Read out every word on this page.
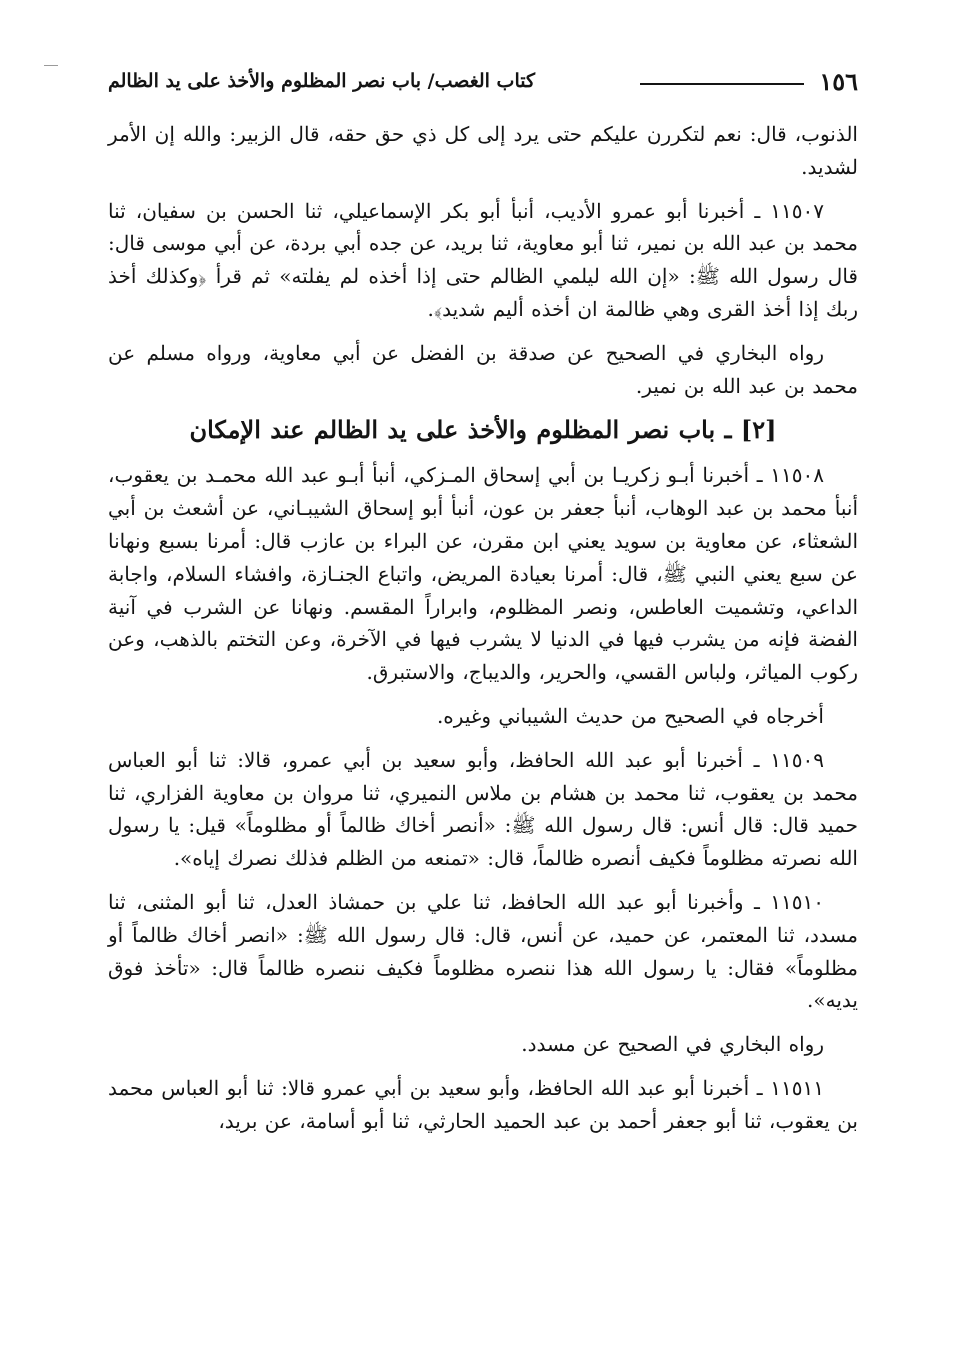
١٥٦
كتاب الغصب/ باب نصر المظلوم والأخذ على يد الظالم

الذنوب، قال: نعم لتكررن عليكم حتى يرد إلى كل ذي حق حقه، قال الزبير: والله إن الأمر لشديد.

١١٥٠٧ ـ أخبرنا أبو عمرو الأديب، أنبأ أبو بكر الإسماعيلي، ثنا الحسن بن سفيان، ثنا محمد بن عبد الله بن نمير، ثنا أبو معاوية، ثنا بريد، عن جده أبي بردة، عن أبي موسى قال: قال رسول الله ﷺ: «إن الله ليلمي الظالم حتى إذا أخذه لم يفلته» ثم قرأ ﴿وكذلك أخذ ربك إذا أخذ القرى وهي ظالمة ان أخذه أليم شديد﴾.

رواه البخاري في الصحيح عن صدقة بن الفضل عن أبي معاوية، ورواه مسلم عن محمد بن عبد الله بن نمير.

[٢] ـ باب نصر المظلوم والأخذ على يد الظالم عند الإمكان

١١٥٠٨ ـ أخبرنا أبـو زكريـا بن أبي إسحاق المـزكي، أنبأ أبـو عبد الله محمـد بن يعقوب، أنبأ محمد بن عبد الوهاب، أنبأ جعفر بن عون، أنبأ أبو إسحاق الشيبـاني، عن أشعث بن أبي الشعثاء، عن معاوية بن سويد يعني ابن مقرن، عن البراء بن عازب قال: أمرنا بسبع ونهانا عن سبع يعني النبي ﷺ، قال: أمرنا بعيادة المريض، واتباع الجنـازة، وافشاء السلام، واجابة الداعي، وتشميت العاطس، ونصر المظلوم، وابراراً المقسم. ونهانا عن الشرب في آنية الفضة فإنه من يشرب فيها في الدنيا لا يشرب فيها في الآخرة، وعن التختم بالذهب، وعن ركوب المياثر، ولباس القسي، والحرير، والديباج، والاستبرق.

أخرجاه في الصحيح من حديث الشيباني وغيره.

١١٥٠٩ ـ أخبرنا أبو عبد الله الحافظ، وأبو سعيد بن أبي عمرو، قالا: ثنا أبو العباس محمد بن يعقوب، ثنا محمد بن هشام بن ملاس النميري، ثنا مروان بن معاوية الفزاري، ثنا حميد قال: قال أنس: قال رسول الله ﷺ: «أنصر أخاك ظالماً أو مظلوماً» قيل: يا رسول الله نصرته مظلوماً فكيف أنصره ظالماً، قال: «تمنعه من الظلم فذلك نصرك إياه».

١١٥١٠ ـ وأخبرنا أبو عبد الله الحافظ، ثنا علي بن حمشاذ العدل، ثنا أبو المثنى، ثنا مسدد، ثنا المعتمر، عن حميد، عن أنس، قال: قال رسول الله ﷺ: «انصر أخاك ظالماً أو مظلوماً» فقال: يا رسول الله هذا ننصره مظلوماً فكيف ننصره ظالماً قال: «تأخذ فوق يديه».

رواه البخاري في الصحيح عن مسدد.

١١٥١١ ـ أخبرنا أبو عبد الله الحافظ، وأبو سعيد بن أبي عمرو قالا: ثنا أبو العباس محمد بن يعقوب، ثنا أبو جعفر أحمد بن عبد الحميد الحارثي، ثنا أبو أسامة، عن بريد،
